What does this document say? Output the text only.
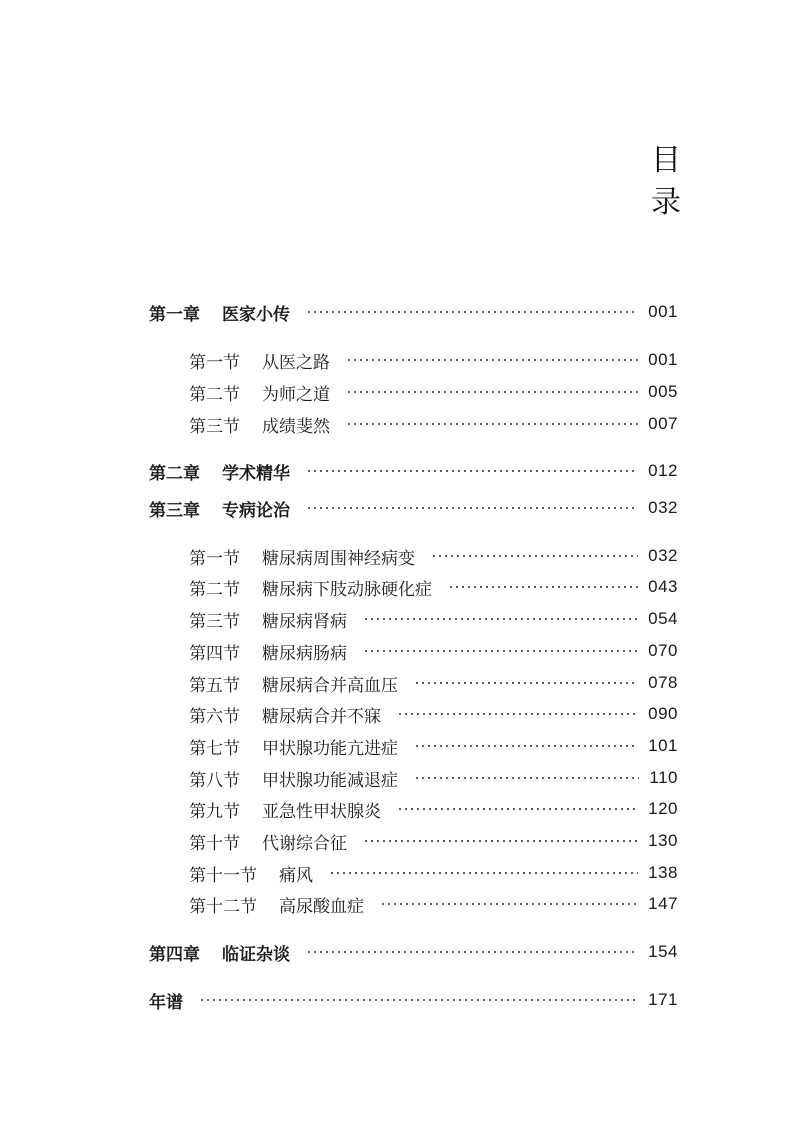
目
录
第一章 医家小传	001
第一节 从医之路	001
第二节 为师之道	005
第三节 成绩斐然	007
第二章 学术精华	012
第三章 专病论治	032
第一节 糖尿病周围神经病变	032
第二节 糖尿病下肢动脉硬化症	043
第三节 糖尿病肾病	054
第四节 糖尿病肠病	070
第五节 糖尿病合并高血压	078
第六节 糖尿病合并不寐	090
第七节 甲状腺功能亢进症	101
第八节 甲状腺功能减退症	110
第九节 亚急性甲状腺炎	120
第十节 代谢综合征	130
第十一节 痛风	138
第十二节 高尿酸血症	147
第四章 临证杂谈	154
年谱	171
